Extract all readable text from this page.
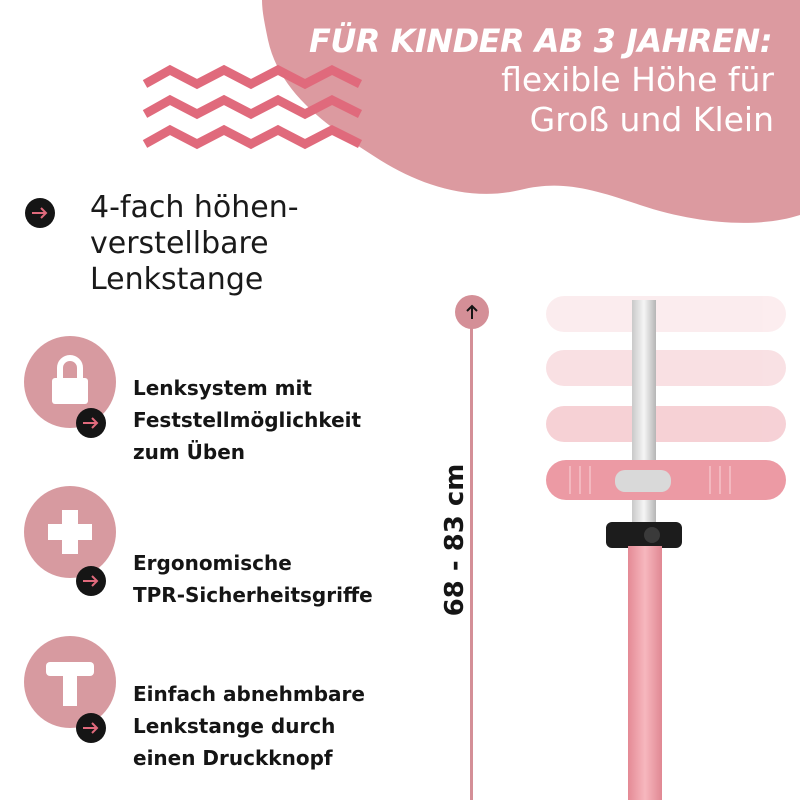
FÜR KINDER AB 3 JAHREN:
flexible Höhe für
Groß und Klein
4-fach höhen-
verstellbare
Lenkstange
Lenksystem mit
Feststellmöglichkeit
zum Üben
Ergonomische
TPR-Sicherheitsgriffe
Einfach abnehmbare
Lenkstange durch
einen Druckknopf
68 - 83 cm
